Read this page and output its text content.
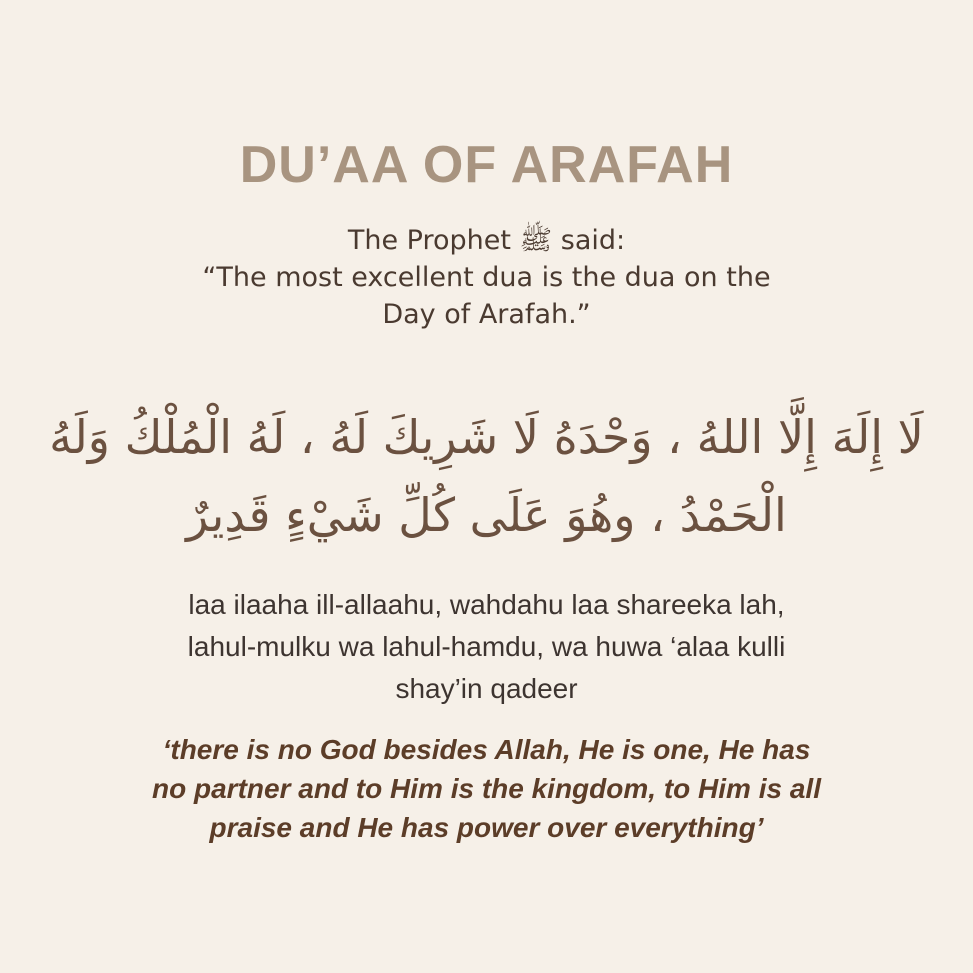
DU’AA OF ARAFAH
The Prophet ﷺ said:
“The most excellent dua is the dua on the
Day of Arafah.”
لَا إِلَهَ إِلَّا اللهُ ، وَحْدَهُ لَا شَرِيكَ لَهُ ، لَهُ الْمُلْكُ وَلَهُ
الْحَمْدُ ، وهُوَ عَلَى كُلِّ شَيْءٍ قَدِيرٌ
laa ilaaha ill-allaahu, wahdahu laa shareeka lah,
lahul-mulku wa lahul-hamdu, wa huwa ‘alaa kulli
shay’in qadeer
‘there is no God besides Allah, He is one, He has
no partner and to Him is the kingdom, to Him is all
praise and He has power over everything’
